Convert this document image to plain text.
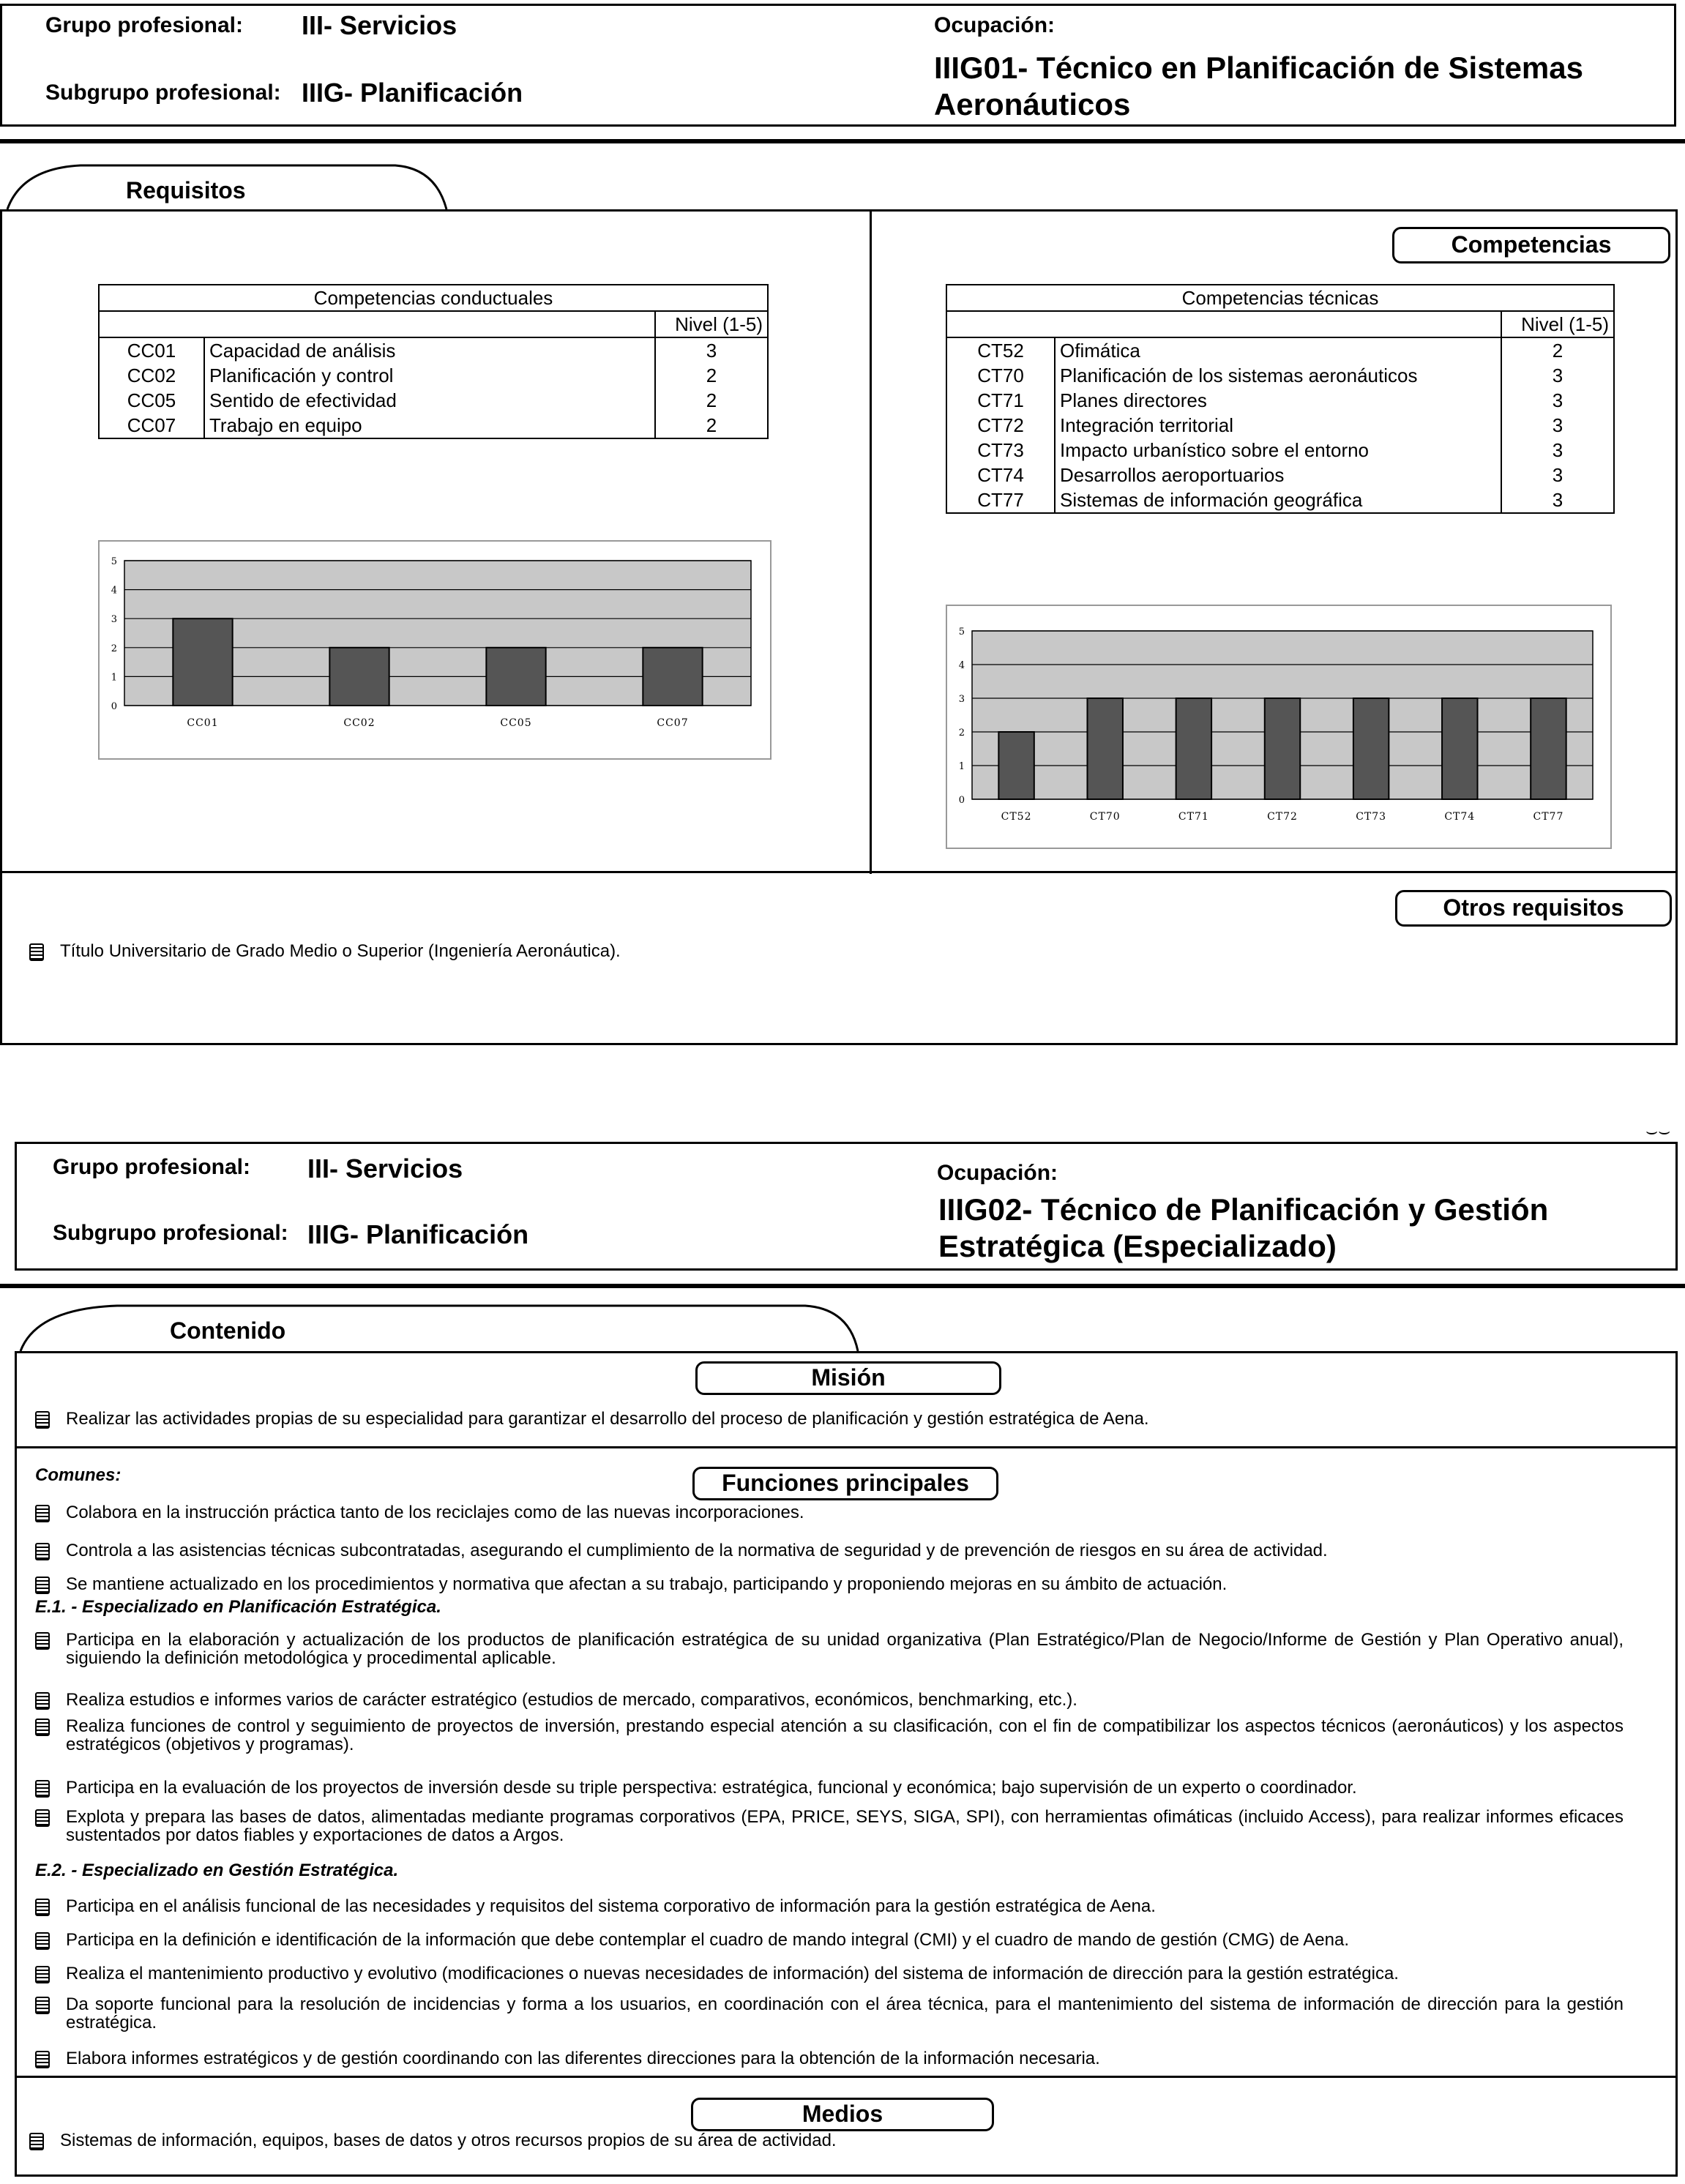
Grupo profesional: III- Servicios
Subgrupo profesional: IIIG- Planificación
Ocupación:
IIIG01- Técnico en Planificación de Sistemas
Aeronáuticos
Requisitos
Competencias
Competencias conductuales		
		Nivel (1-5)
CC01	Capacidad de análisis	3
CC02	Planificación y control	2
CC05	Sentido de efectividad	2
CC07	Trabajo en equipo	2
Competencias técnicas		
		Nivel (1-5)
CT52	Ofimática	2
CT70	Planificación de los sistemas aeronáuticos	3
CT71	Planes directores	3
CT72	Integración territorial	3
CT73	Impacto urbanístico sobre el entorno	3
CT74	Desarrollos aeroportuarios	3
CT77	Sistemas de información geográfica	3
0
1
2
3
4
5
CC01	CC02	CC05	CC07
0
1
2
3
4
5
CT52	CT70	CT71	CT72	CT73	CT74	CT77
Otros requisitos
Título Universitario de Grado Medio o Superior (Ingeniería Aeronáutica).
⌣⌣
Grupo profesional: III- Servicios
Subgrupo profesional: IIIG- Planificación
Ocupación:
IIIG02- Técnico de Planificación y Gestión
Estratégica (Especializado)
Contenido
Misión
Realizar las actividades propias de su especialidad para garantizar el desarrollo del proceso de planificación y gestión estratégica de Aena.
Comunes:	Funciones principales
Colabora en la instrucción práctica tanto de los reciclajes como de las nuevas incorporaciones.
Controla a las asistencias técnicas subcontratadas, asegurando el cumplimiento de la normativa de seguridad y de prevención de riesgos en su área de actividad.
Se mantiene actualizado en los procedimientos y normativa que afectan a su trabajo, participando y proponiendo mejoras en su ámbito de actuación.
E.1. - Especializado en Planificación Estratégica.
Participa en la elaboración y actualización de los productos de planificación estratégica de su unidad organizativa (Plan Estratégico/Plan de Negocio/Informe de Gestión y Plan Operativo anual), siguiendo la definición metodológica y procedimental aplicable.
Realiza estudios e informes varios de carácter estratégico (estudios de mercado, comparativos, económicos, benchmarking, etc.).
Realiza funciones de control y seguimiento de proyectos de inversión, prestando especial atención a su clasificación, con el fin de compatibilizar los aspectos técnicos (aeronáuticos) y los aspectos estratégicos (objetivos y programas).
Participa en la evaluación de los proyectos de inversión desde su triple perspectiva: estratégica, funcional y económica; bajo supervisión de un experto o coordinador.
Explota y prepara las bases de datos, alimentadas mediante programas corporativos (EPA, PRICE, SEYS, SIGA, SPI), con herramientas ofimáticas (incluido Access), para realizar informes eficaces sustentados por datos fiables y exportaciones de datos a Argos.
E.2. - Especializado en Gestión Estratégica.
Participa en el análisis funcional de las necesidades y requisitos del sistema corporativo de información para la gestión estratégica de Aena.
Participa en la definición e identificación de la información que debe contemplar el cuadro de mando integral (CMI) y el cuadro de mando de gestión (CMG) de Aena.
Realiza el mantenimiento productivo y evolutivo (modificaciones o nuevas necesidades de información) del sistema de información de dirección para la gestión estratégica.
Da soporte funcional para la resolución de incidencias y forma a los usuarios, en coordinación con el área técnica, para el mantenimiento del sistema de información de dirección para la gestión estratégica.
Elabora informes estratégicos y de gestión coordinando con las diferentes direcciones para la obtención de la información necesaria.
Medios
Sistemas de información, equipos, bases de datos y otros recursos propios de su área de actividad.
